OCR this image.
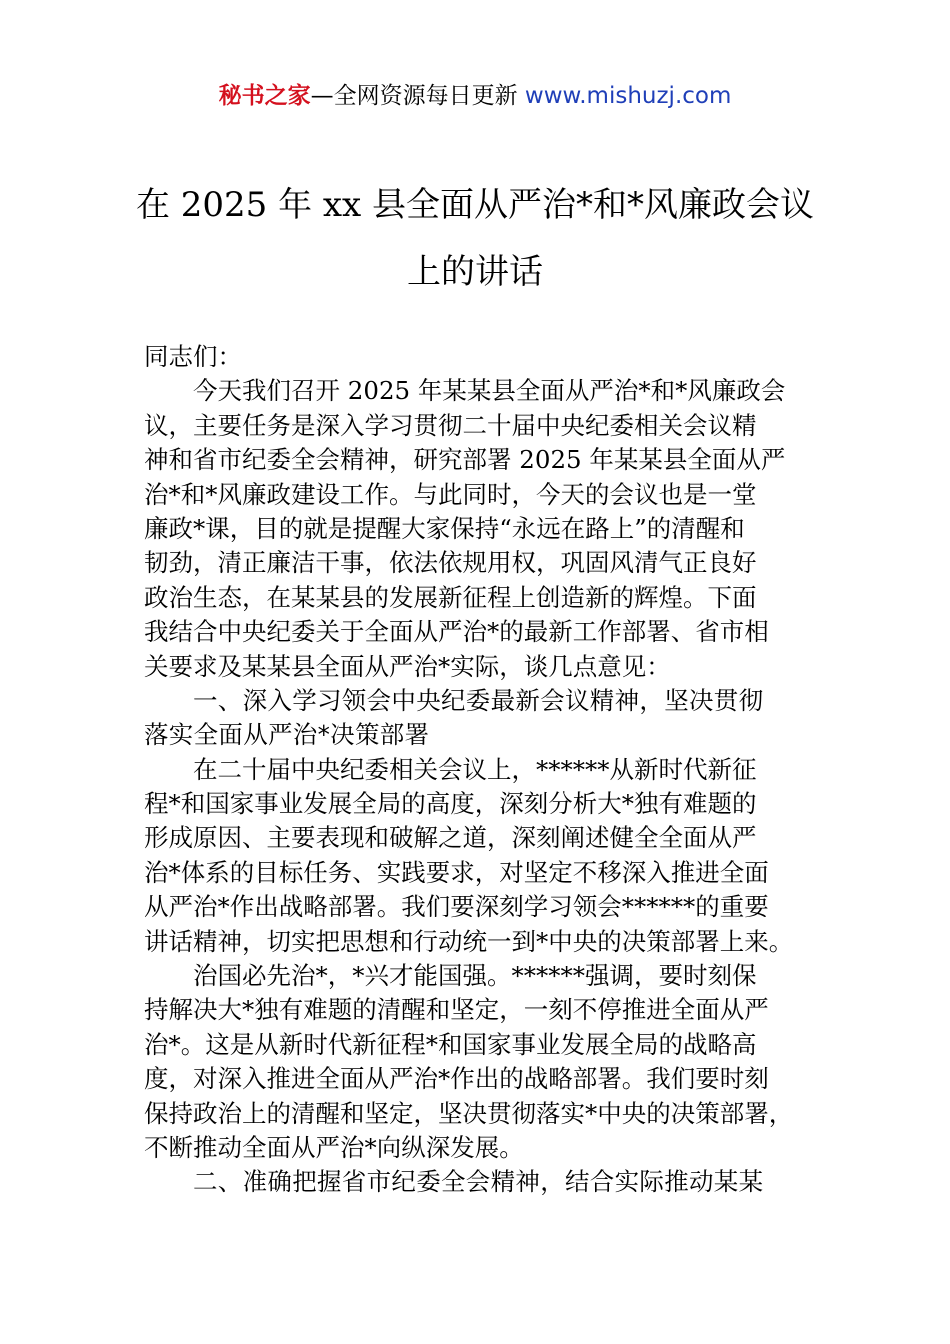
秘书之家—全网资源每日更新 www.mishuzj.com
在 2025 年 xx 县全面从严治*和*风廉政会议
上的讲话
同志们：
今天我们召开 2025 年某某县全面从严治*和*风廉政会
议，主要任务是深入学习贯彻二十届中央纪委相关会议精
神和省市纪委全会精神，研究部署 2025 年某某县全面从严
治*和*风廉政建设工作。与此同时，今天的会议也是一堂
廉政*课，目的就是提醒大家保持“永远在路上”的清醒和
韧劲，清正廉洁干事，依法依规用权，巩固风清气正良好
政治生态，在某某县的发展新征程上创造新的辉煌。下面
我结合中央纪委关于全面从严治*的最新工作部署、省市相
关要求及某某县全面从严治*实际，谈几点意见：
一、深入学习领会中央纪委最新会议精神，坚决贯彻
落实全面从严治*决策部署
在二十届中央纪委相关会议上，******从新时代新征
程*和国家事业发展全局的高度，深刻分析大*独有难题的
形成原因、主要表现和破解之道，深刻阐述健全全面从严
治*体系的目标任务、实践要求，对坚定不移深入推进全面
从严治*作出战略部署。我们要深刻学习领会******的重要
讲话精神，切实把思想和行动统一到*中央的决策部署上来。
治国必先治*，*兴才能国强。******强调，要时刻保
持解决大*独有难题的清醒和坚定，一刻不停推进全面从严
治*。这是从新时代新征程*和国家事业发展全局的战略高
度，对深入推进全面从严治*作出的战略部署。我们要时刻
保持政治上的清醒和坚定，坚决贯彻落实*中央的决策部署，
不断推动全面从严治*向纵深发展。
二、准确把握省市纪委全会精神，结合实际推动某某
